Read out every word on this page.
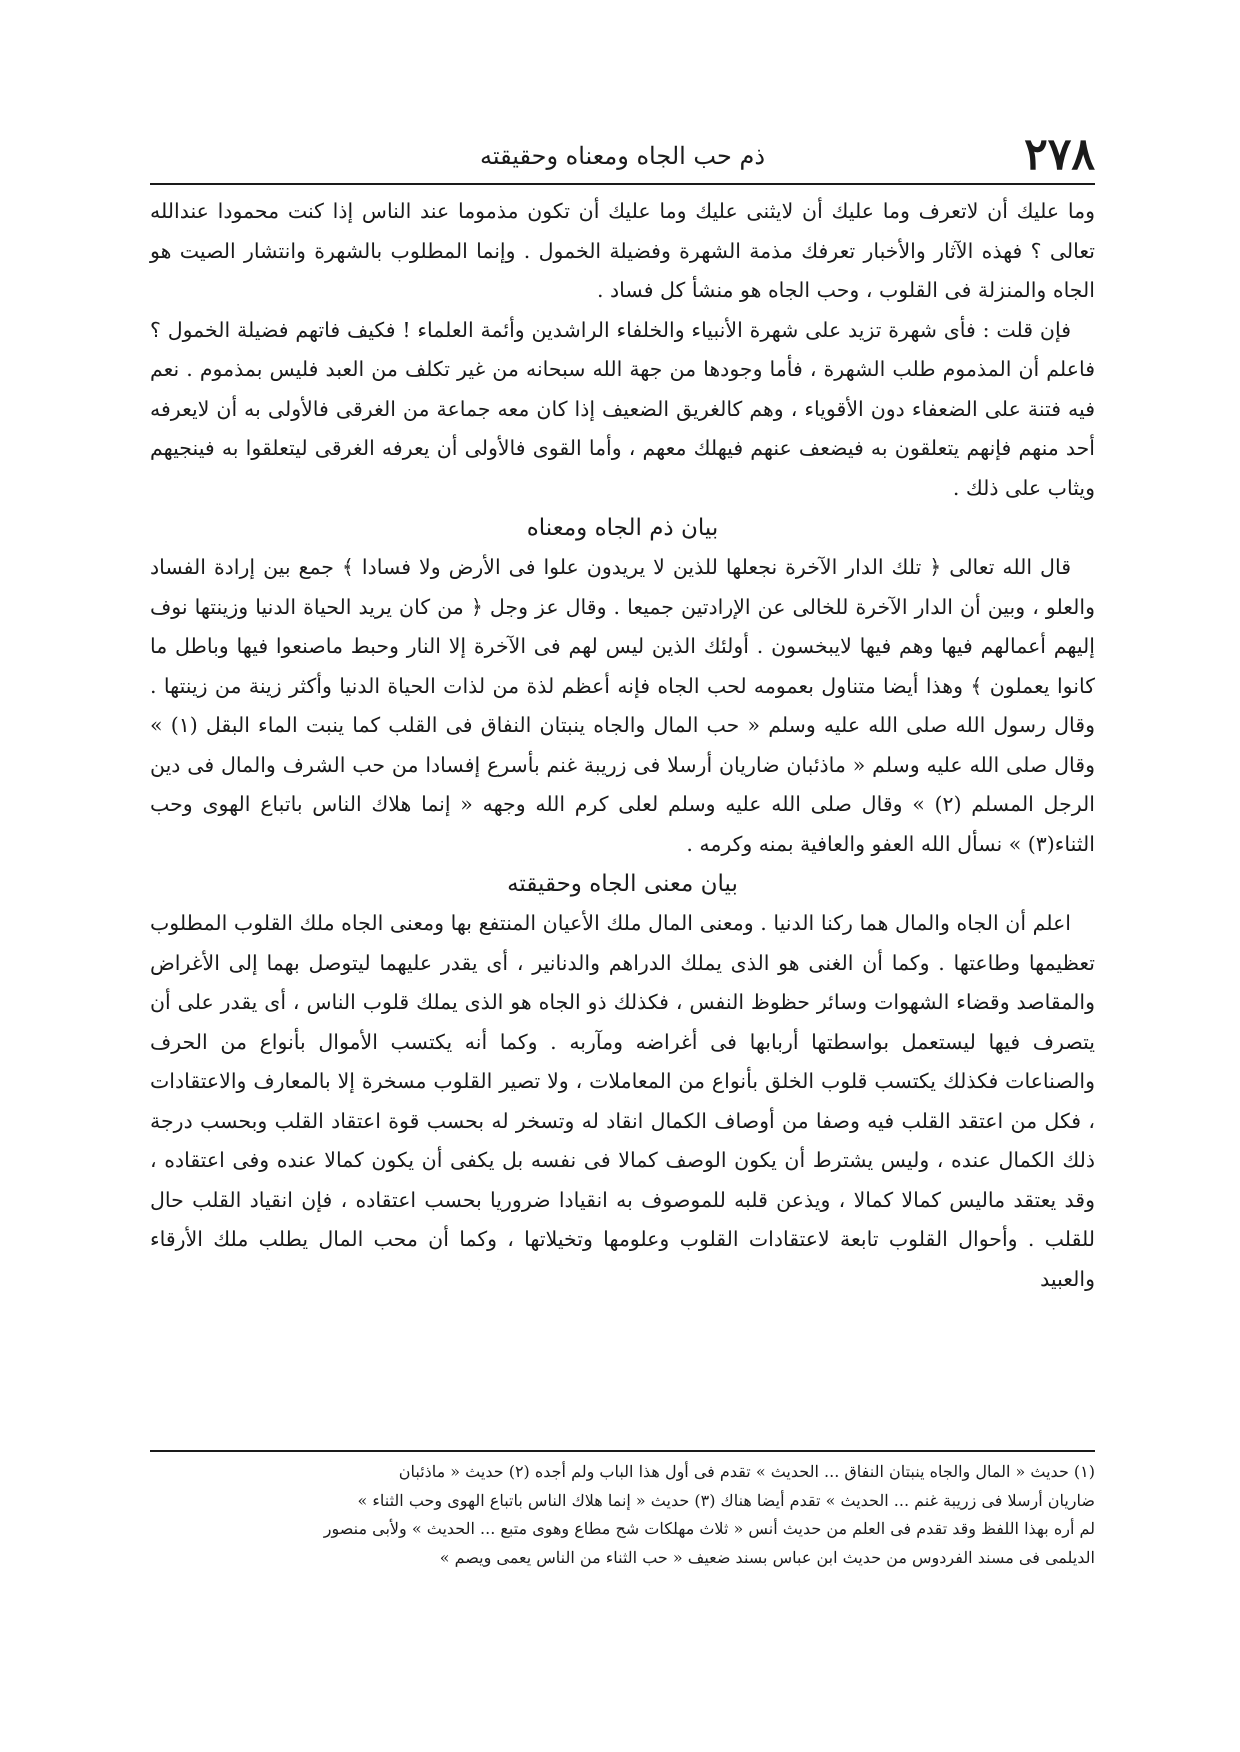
٢٧٨
ذم حب الجاه ومعناه وحقيقته

وما عليك أن لاتعرف وما عليك أن لايثنى عليك وما عليك أن تكون مذموما عند الناس إذا كنت محمودا عندالله تعالى ؟ فهذه الآثار والأخبار تعرفك مذمة الشهرة وفضيلة الخمول . وإنما المطلوب بالشهرة وانتشار الصيت هو الجاه والمنزلة فى القلوب ، وحب الجاه هو منشأ كل فساد .

فإن قلت : فأى شهرة تزيد على شهرة الأنبياء والخلفاء الراشدين وأئمة العلماء ! فكيف فاتهم فضيلة الخمول ؟ فاعلم أن المذموم طلب الشهرة ، فأما وجودها من جهة الله سبحانه من غير تكلف من العبد فليس بمذموم . نعم فيه فتنة على الضعفاء دون الأقوياء ، وهم كالغريق الضعيف إذا كان معه جماعة من الغرقى فالأولى به أن لايعرفه أحد منهم فإنهم يتعلقون به فيضعف عنهم فيهلك معهم ، وأما القوى فالأولى أن يعرفه الغرقى ليتعلقوا به فينجيهم ويثاب على ذلك .

بيان ذم الجاه ومعناه

قال الله تعالى ﴿ تلك الدار الآخرة نجعلها للذين لا يريدون علوا فى الأرض ولا فسادا ﴾ جمع بين إرادة الفساد والعلو ، وبين أن الدار الآخرة للخالى عن الإرادتين جميعا . وقال عز وجل ﴿ من كان يريد الحياة الدنيا وزينتها نوف إليهم أعمالهم فيها وهم فيها لايبخسون . أولئك الذين ليس لهم فى الآخرة إلا النار وحبط ماصنعوا فيها وباطل ما كانوا يعملون ﴾ وهذا أيضا متناول بعمومه لحب الجاه فإنه أعظم لذة من لذات الحياة الدنيا وأكثر زينة من زينتها . وقال رسول الله صلى الله عليه وسلم « حب المال والجاه ينبتان النفاق فى القلب كما ينبت الماء البقل (١) » وقال صلى الله عليه وسلم « ماذئبان ضاريان أرسلا فى زريبة غنم بأسرع إفسادا من حب الشرف والمال فى دين الرجل المسلم (٢) » وقال صلى الله عليه وسلم لعلى كرم الله وجهه « إنما هلاك الناس باتباع الهوى وحب الثناء(٣) » نسأل الله العفو والعافية بمنه وكرمه .

بيان معنى الجاه وحقيقته

اعلم أن الجاه والمال هما ركنا الدنيا . ومعنى المال ملك الأعيان المنتفع بها ومعنى الجاه ملك القلوب المطلوب تعظيمها وطاعتها . وكما أن الغنى هو الذى يملك الدراهم والدنانير ، أى يقدر عليهما ليتوصل بهما إلى الأغراض والمقاصد وقضاء الشهوات وسائر حظوظ النفس ، فكذلك ذو الجاه هو الذى يملك قلوب الناس ، أى يقدر على أن يتصرف فيها ليستعمل بواسطتها أربابها فى أغراضه ومآربه . وكما أنه يكتسب الأموال بأنواع من الحرف والصناعات فكذلك يكتسب قلوب الخلق بأنواع من المعاملات ، ولا تصير القلوب مسخرة إلا بالمعارف والاعتقادات ، فكل من اعتقد القلب فيه وصفا من أوصاف الكمال انقاد له وتسخر له بحسب قوة اعتقاد القلب وبحسب درجة ذلك الكمال عنده ، وليس يشترط أن يكون الوصف كمالا فى نفسه بل يكفى أن يكون كمالا عنده وفى اعتقاده ، وقد يعتقد ماليس كمالا كمالا ، ويذعن قلبه للموصوف به انقيادا ضروريا بحسب اعتقاده ، فإن انقياد القلب حال للقلب . وأحوال القلوب تابعة لاعتقادات القلوب وعلومها وتخيلاتها ، وكما أن محب المال يطلب ملك الأرقاء والعبيد

(١) حديث « المال والجاه ينبتان النفاق ... الحديث » تقدم فى أول هذا الباب ولم أجده (٢) حديث « ماذئبان

ضاريان أرسلا فى زريبة غنم ... الحديث » تقدم أيضا هناك (٣) حديث « إنما هلاك الناس باتباع الهوى وحب الثناء »

لم أره بهذا اللفظ وقد تقدم فى العلم من حديث أنس « ثلاث مهلكات شح مطاع وهوى متبع ... الحديث » ولأبى منصور

الديلمى فى مسند الفردوس من حديث ابن عباس بسند ضعيف « حب الثناء من الناس يعمى ويصم »
